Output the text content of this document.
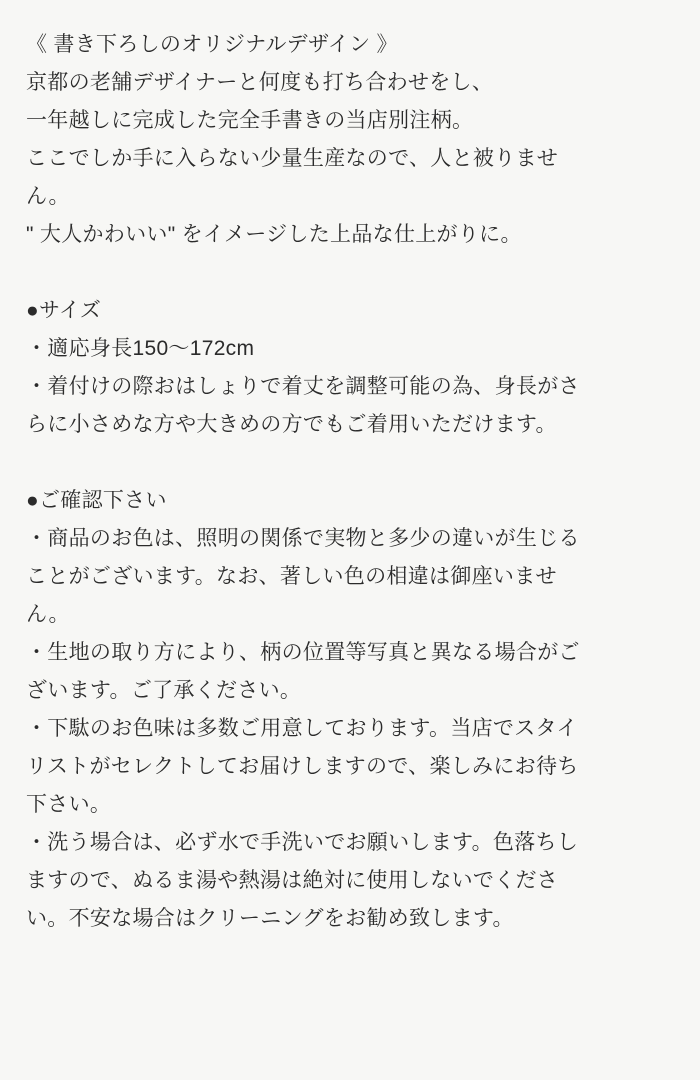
《 書き下ろしのオリジナルデザイン 》
京都の老舗デザイナーと何度も打ち合わせをし、
一年越しに完成した完全手書きの当店別注柄。
ここでしか手に入らない少量生産なので、人と被りませ
ん。
" 大人かわいい" をイメージした上品な仕上がりに。
●サイズ
・適応身長150〜172cm
・着付けの際おはしょりで着丈を調整可能の為、身長がさ
らに小さめな方や大きめの方でもご着用いただけます。
●ご確認下さい
・商品のお色は、照明の関係で実物と多少の違いが生じる
ことがございます。なお、著しい色の相違は御座いませ
ん。
・生地の取り方により、柄の位置等写真と異なる場合がご
ざいます。ご了承ください。
・下駄のお色味は多数ご用意しております。当店でスタイ
リストがセレクトしてお届けしますので、楽しみにお待ち
下さい。
・洗う場合は、必ず水で手洗いでお願いします。色落ちし
ますので、ぬるま湯や熱湯は絶対に使用しないでくださ
い。不安な場合はクリーニングをお勧め致します。
